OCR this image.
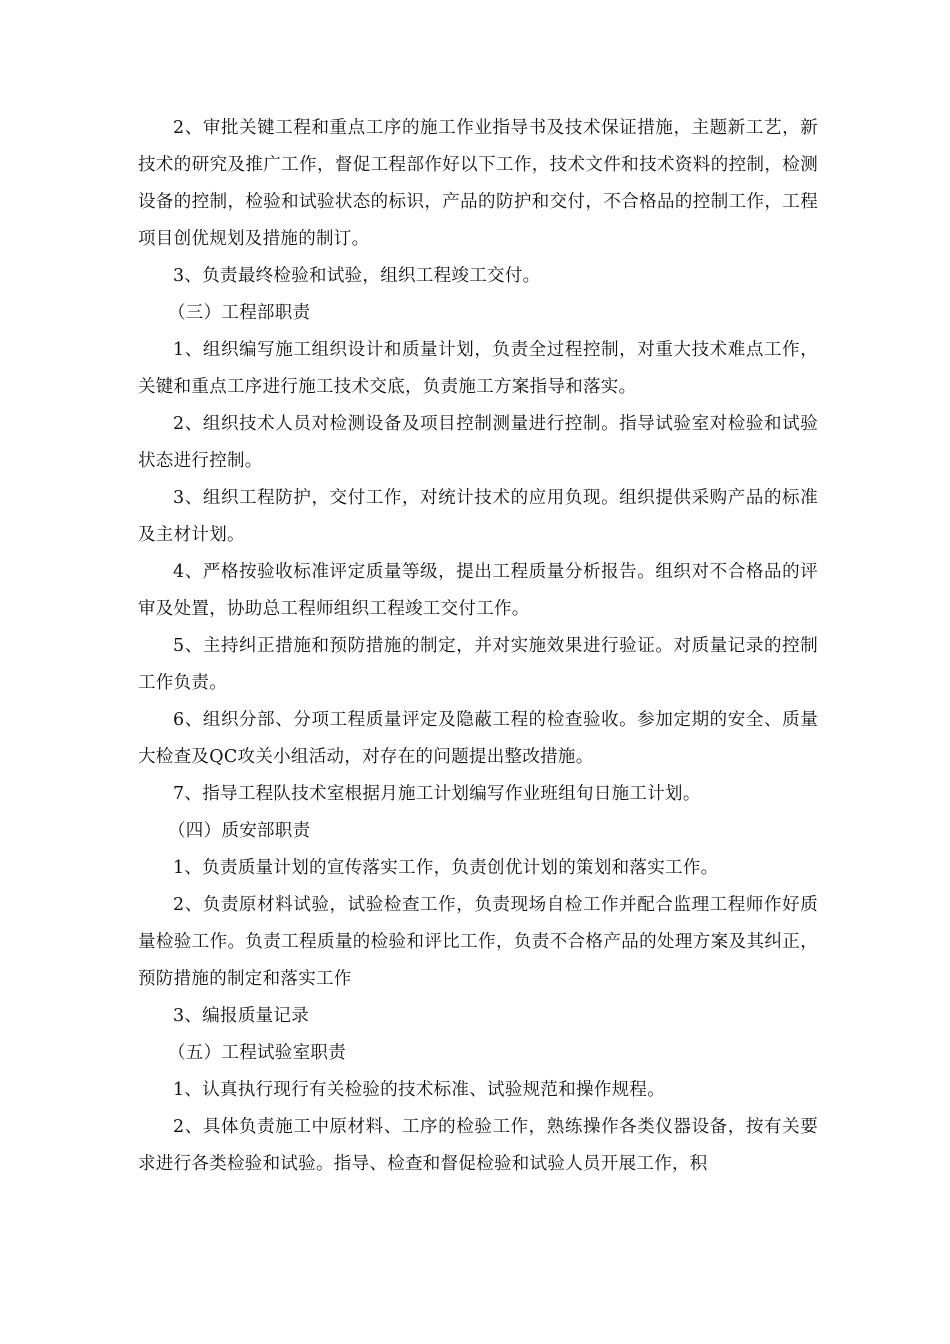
2、审批关键工程和重点工序的施工作业指导书及技术保证措施，主题新工艺，新技术的研究及推广工作，督促工程部作好以下工作，技术文件和技术资料的控制，检测设备的控制，检验和试验状态的标识，产品的防护和交付，不合格品的控制工作，工程项目创优规划及措施的制订。

3、负责最终检验和试验，组织工程竣工交付。

（三）工程部职责

1、组织编写施工组织设计和质量计划，负责全过程控制，对重大技术难点工作，关键和重点工序进行施工技术交底，负责施工方案指导和落实。

2、组织技术人员对检测设备及项目控制测量进行控制。指导试验室对检验和试验状态进行控制。

3、组织工程防护，交付工作，对统计技术的应用负现。组织提供采购产品的标准及主材计划。

4、严格按验收标准评定质量等级，提出工程质量分析报告。组织对不合格品的评审及处置，协助总工程师组织工程竣工交付工作。

5、主持纠正措施和预防措施的制定，并对实施效果进行验证。对质量记录的控制工作负责。

6、组织分部、分项工程质量评定及隐蔽工程的检查验收。参加定期的安全、质量大检查及QC攻关小组活动，对存在的问题提出整改措施。

7、指导工程队技术室根据月施工计划编写作业班组旬日施工计划。

（四）质安部职责

1、负责质量计划的宣传落实工作，负责创优计划的策划和落实工作。

2、负责原材料试验，试验检查工作，负责现场自检工作并配合监理工程师作好质量检验工作。负责工程质量的检验和评比工作，负责不合格产品的处理方案及其纠正，预防措施的制定和落实工作

3、编报质量记录

（五）工程试验室职责

1、认真执行现行有关检验的技术标准、试验规范和操作规程。

2、具体负责施工中原材料、工序的检验工作，熟练操作各类仪器设备，按有关要求进行各类检验和试验。指导、检查和督促检验和试验人员开展工作，积
